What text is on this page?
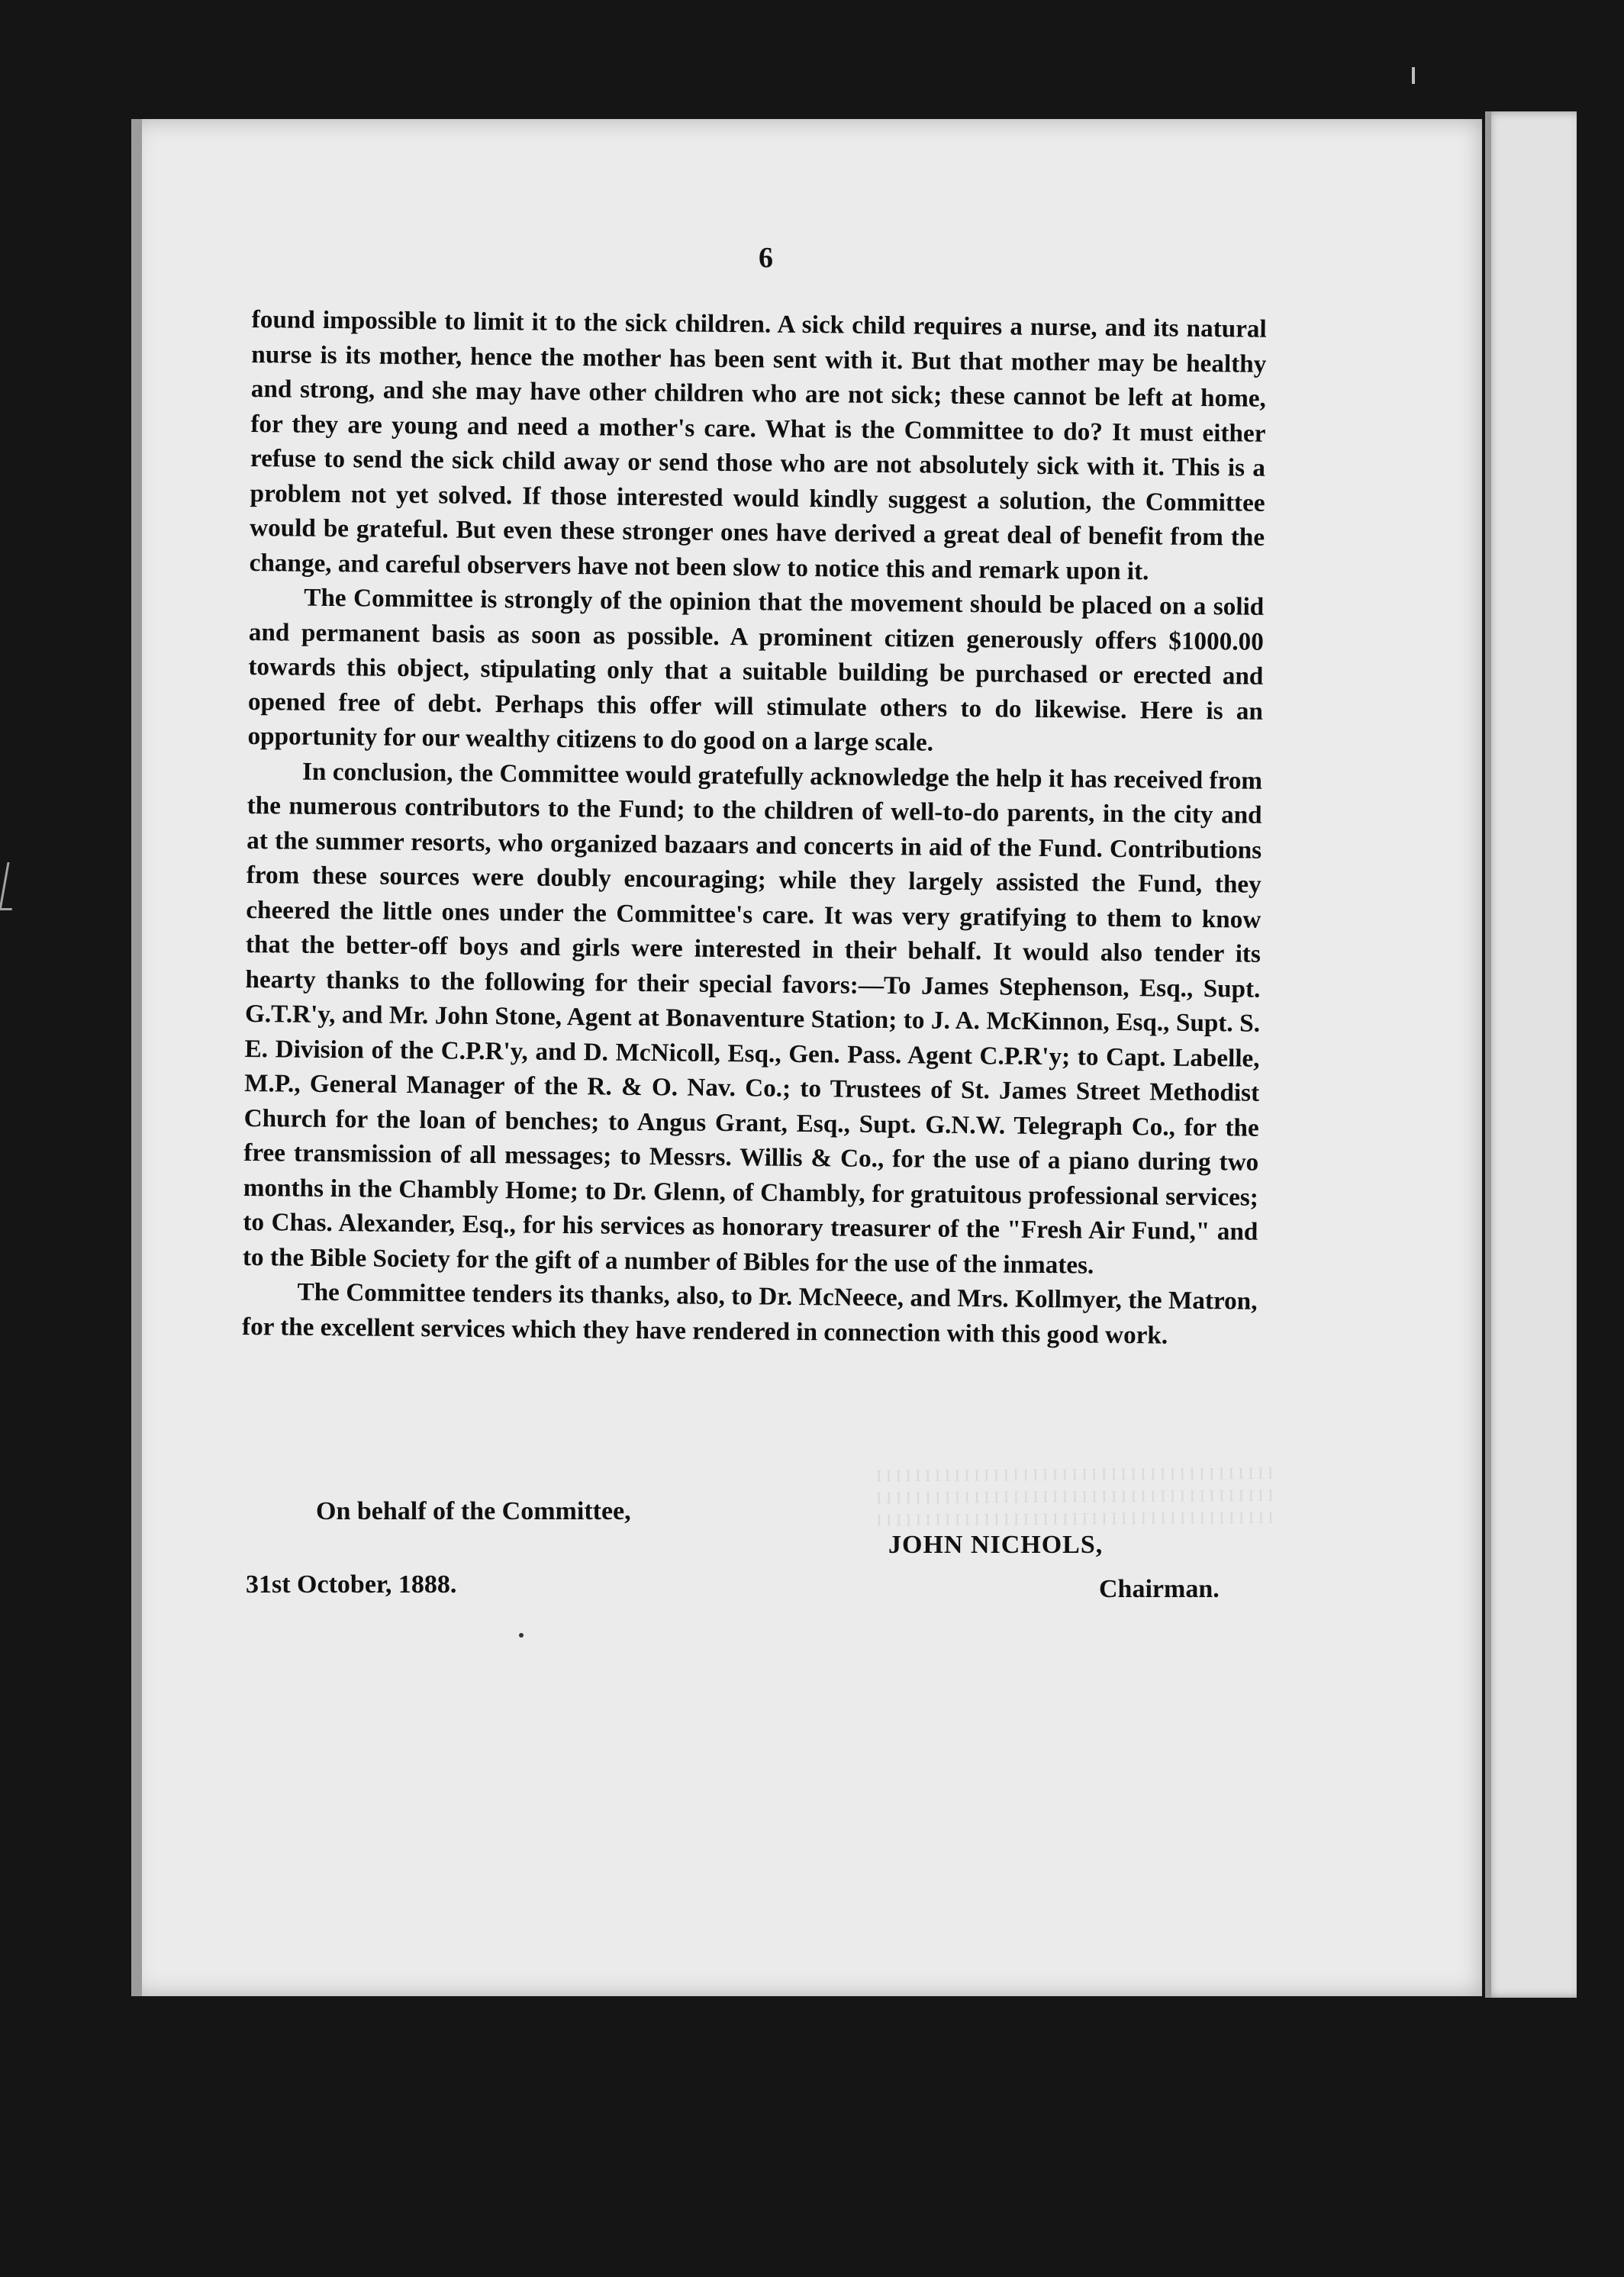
I I I I I I I I I I I I I I I I I I I I I I I I I I I I I I I I I I I I I I I I I
I I I I I I I I I I I I I I I I I I I I I I I I I I I I I I I I I I I I I I I I I
I I I I I I I I I I I I I I I I I I I I I I I I I I I I I I I I I I I I I I I I I
6

found impossible to limit it to the sick children. A sick child requires a nurse, and its natural nurse is its mother, hence the mother has been sent with it. But that mother may be healthy and strong, and she may have other children who are not sick; these cannot be left at home, for they are young and need a mother's care. What is the Committee to do? It must either refuse to send the sick child away or send those who are not absolutely sick with it. This is a problem not yet solved. If those interested would kindly suggest a solution, the Committee would be grateful. But even these stronger ones have derived a great deal of benefit from the change, and careful observers have not been slow to notice this and remark upon it.

The Committee is strongly of the opinion that the movement should be placed on a solid and permanent basis as soon as possible. A prominent citizen generously offers $1000.00 towards this object, stipulating only that a suitable building be purchased or erected and opened free of debt. Perhaps this offer will stimulate others to do likewise. Here is an opportunity for our wealthy citizens to do good on a large scale.

In conclusion, the Committee would gratefully acknowledge the help it has received from the numerous contributors to the Fund; to the children of well-to-do parents, in the city and at the summer resorts, who organized bazaars and concerts in aid of the Fund. Contributions from these sources were doubly encouraging; while they largely assisted the Fund, they cheered the little ones under the Committee's care. It was very gratifying to them to know that the better-off boys and girls were interested in their behalf. It would also tender its hearty thanks to the following for their special favors:—To James Stephenson, Esq., Supt. G.T.R'y, and Mr. John Stone, Agent at Bonaventure Station; to J. A. McKinnon, Esq., Supt. S. E. Division of the C.P.R'y, and D. McNicoll, Esq., Gen. Pass. Agent C.P.R'y; to Capt. Labelle, M.P., General Manager of the R. & O. Nav. Co.; to Trustees of St. James Street Methodist Church for the loan of benches; to Angus Grant, Esq., Supt. G.N.W. Telegraph Co., for the free transmission of all messages; to Messrs. Willis & Co., for the use of a piano during two months in the Chambly Home; to Dr. Glenn, of Chambly, for gratuitous professional services; to Chas. Alexander, Esq., for his services as honorary treasurer of the "Fresh Air Fund," and to the Bible Society for the gift of a number of Bibles for the use of the inmates.

The Committee tenders its thanks, also, to Dr. McNeece, and Mrs. Kollmyer, the Matron, for the excellent services which they have rendered in connection with this good work.

On behalf of the Committee,
JOHN NICHOLS,
31st October, 1888.	Chairman.
